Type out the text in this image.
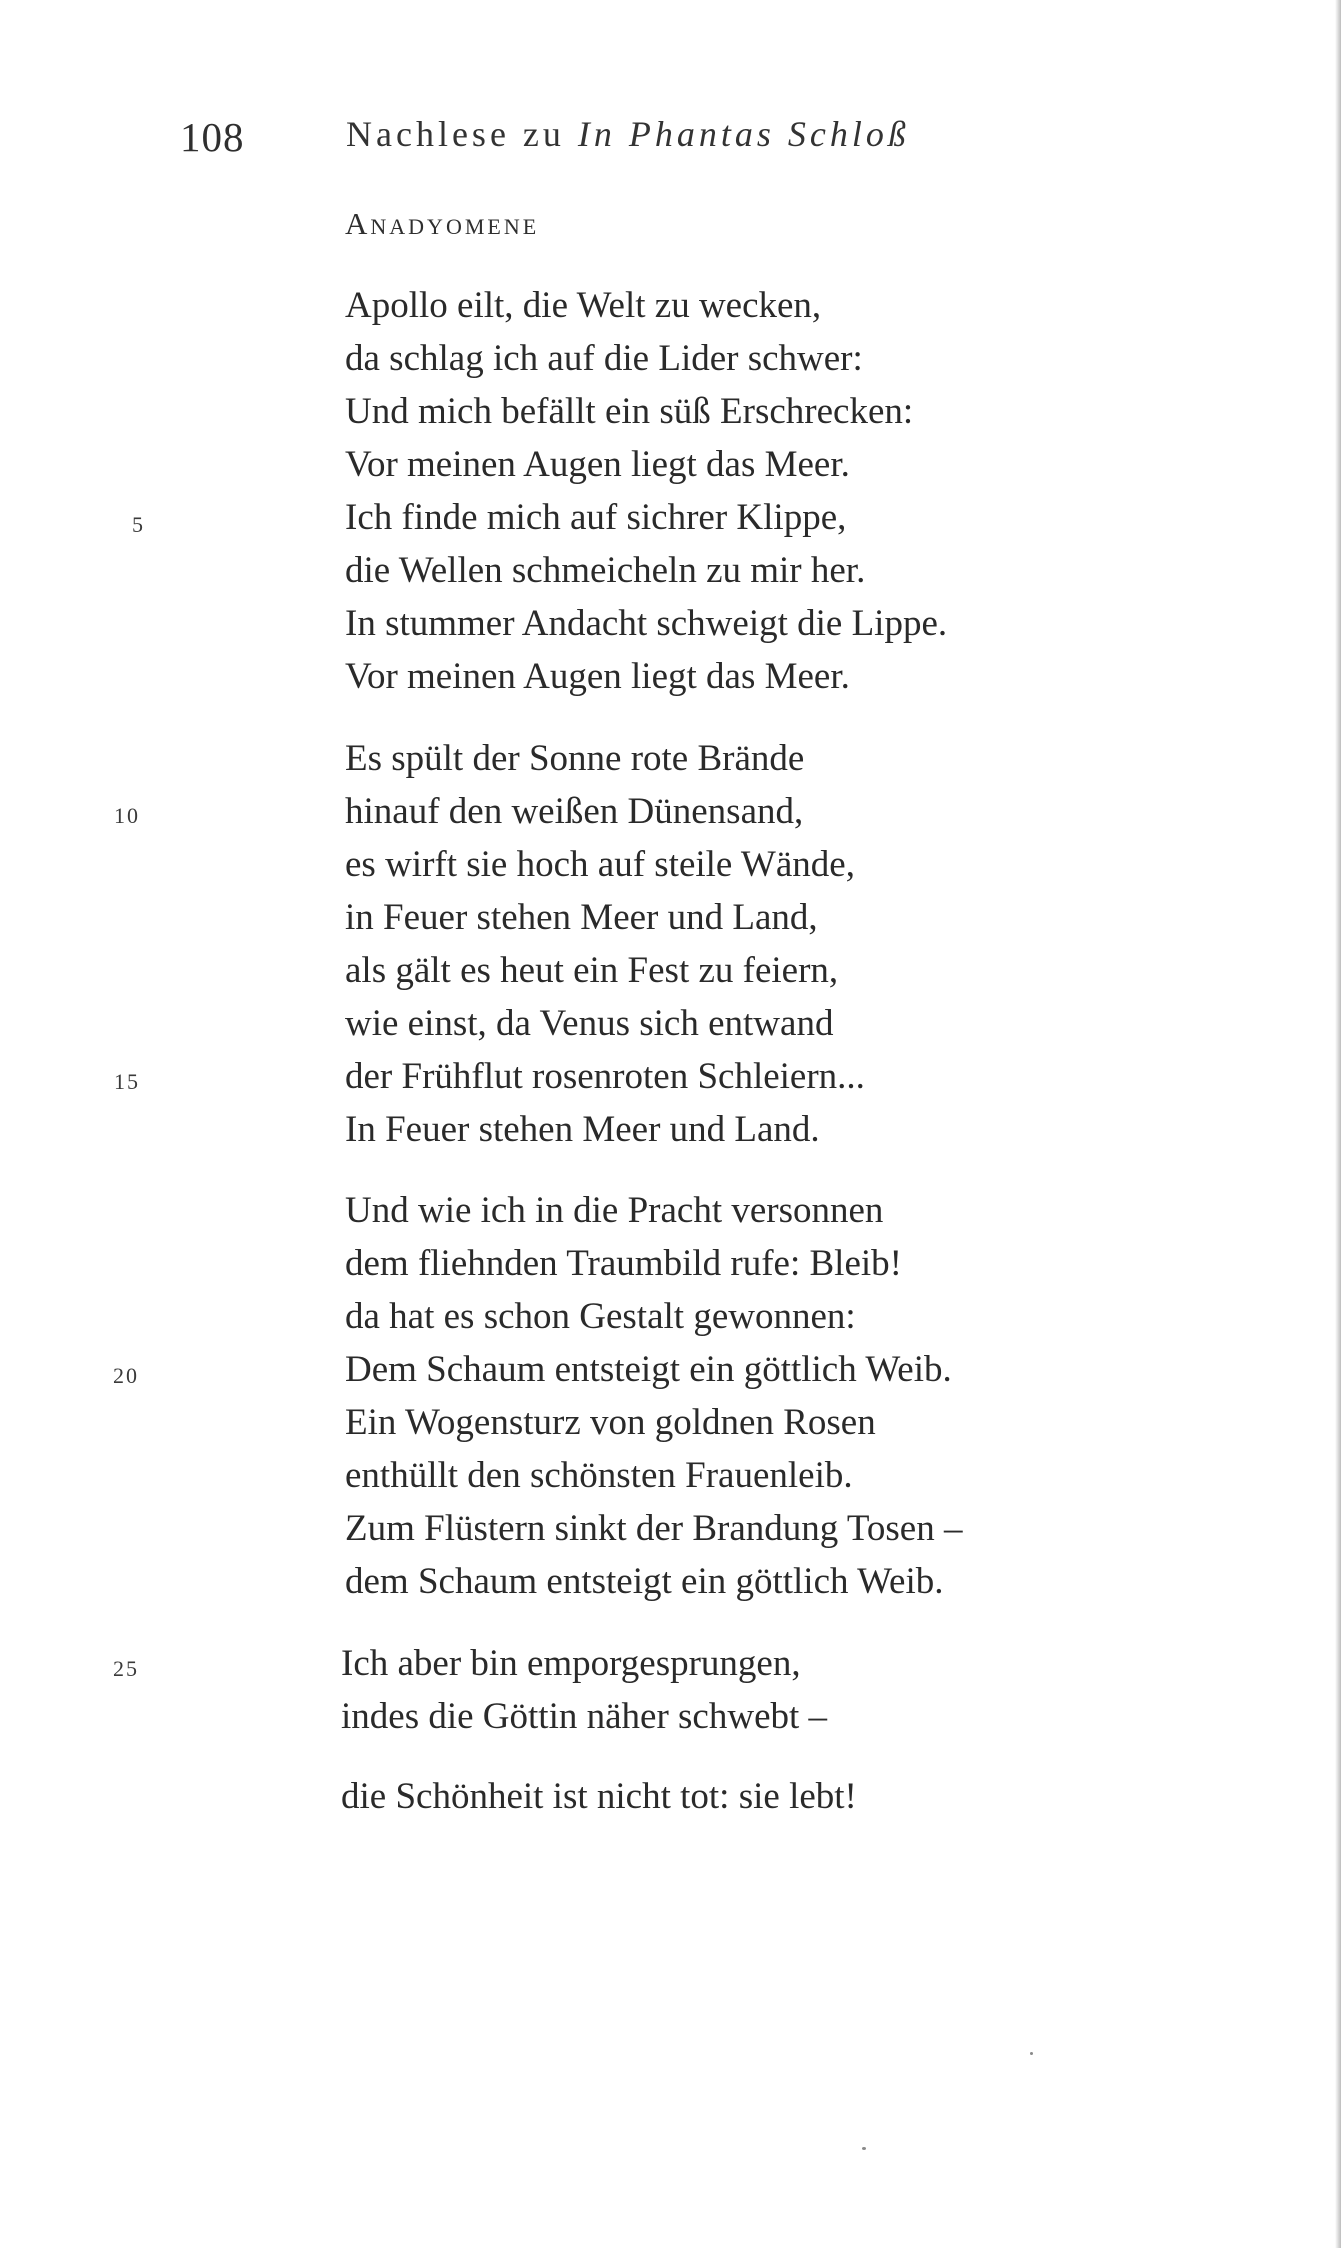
108	Nachlese zu In Phantas Schloß
Anadyomene
Apollo eilt, die Welt zu wecken,
da schlag ich auf die Lider schwer:
Und mich befällt ein süß Erschrecken:
Vor meinen Augen liegt das Meer.
Ich finde mich auf sichrer Klippe,
die Wellen schmeicheln zu mir her.
In stummer Andacht schweigt die Lippe.
Vor meinen Augen liegt das Meer.
Es spült der Sonne rote Brände
hinauf den weißen Dünensand,
es wirft sie hoch auf steile Wände,
in Feuer stehen Meer und Land,
als gält es heut ein Fest zu feiern,
wie einst, da Venus sich entwand
der Frühflut rosenroten Schleiern...
In Feuer stehen Meer und Land.
Und wie ich in die Pracht versonnen
dem fliehnden Traumbild rufe: Bleib!
da hat es schon Gestalt gewonnen:
Dem Schaum entsteigt ein göttlich Weib.
Ein Wogensturz von goldnen Rosen
enthüllt den schönsten Frauenleib.
Zum Flüstern sinkt der Brandung Tosen –
dem Schaum entsteigt ein göttlich Weib.
Ich aber bin emporgesprungen,
indes die Göttin näher schwebt –
die Schönheit ist nicht tot: sie lebt!
5
10
15
20
25
